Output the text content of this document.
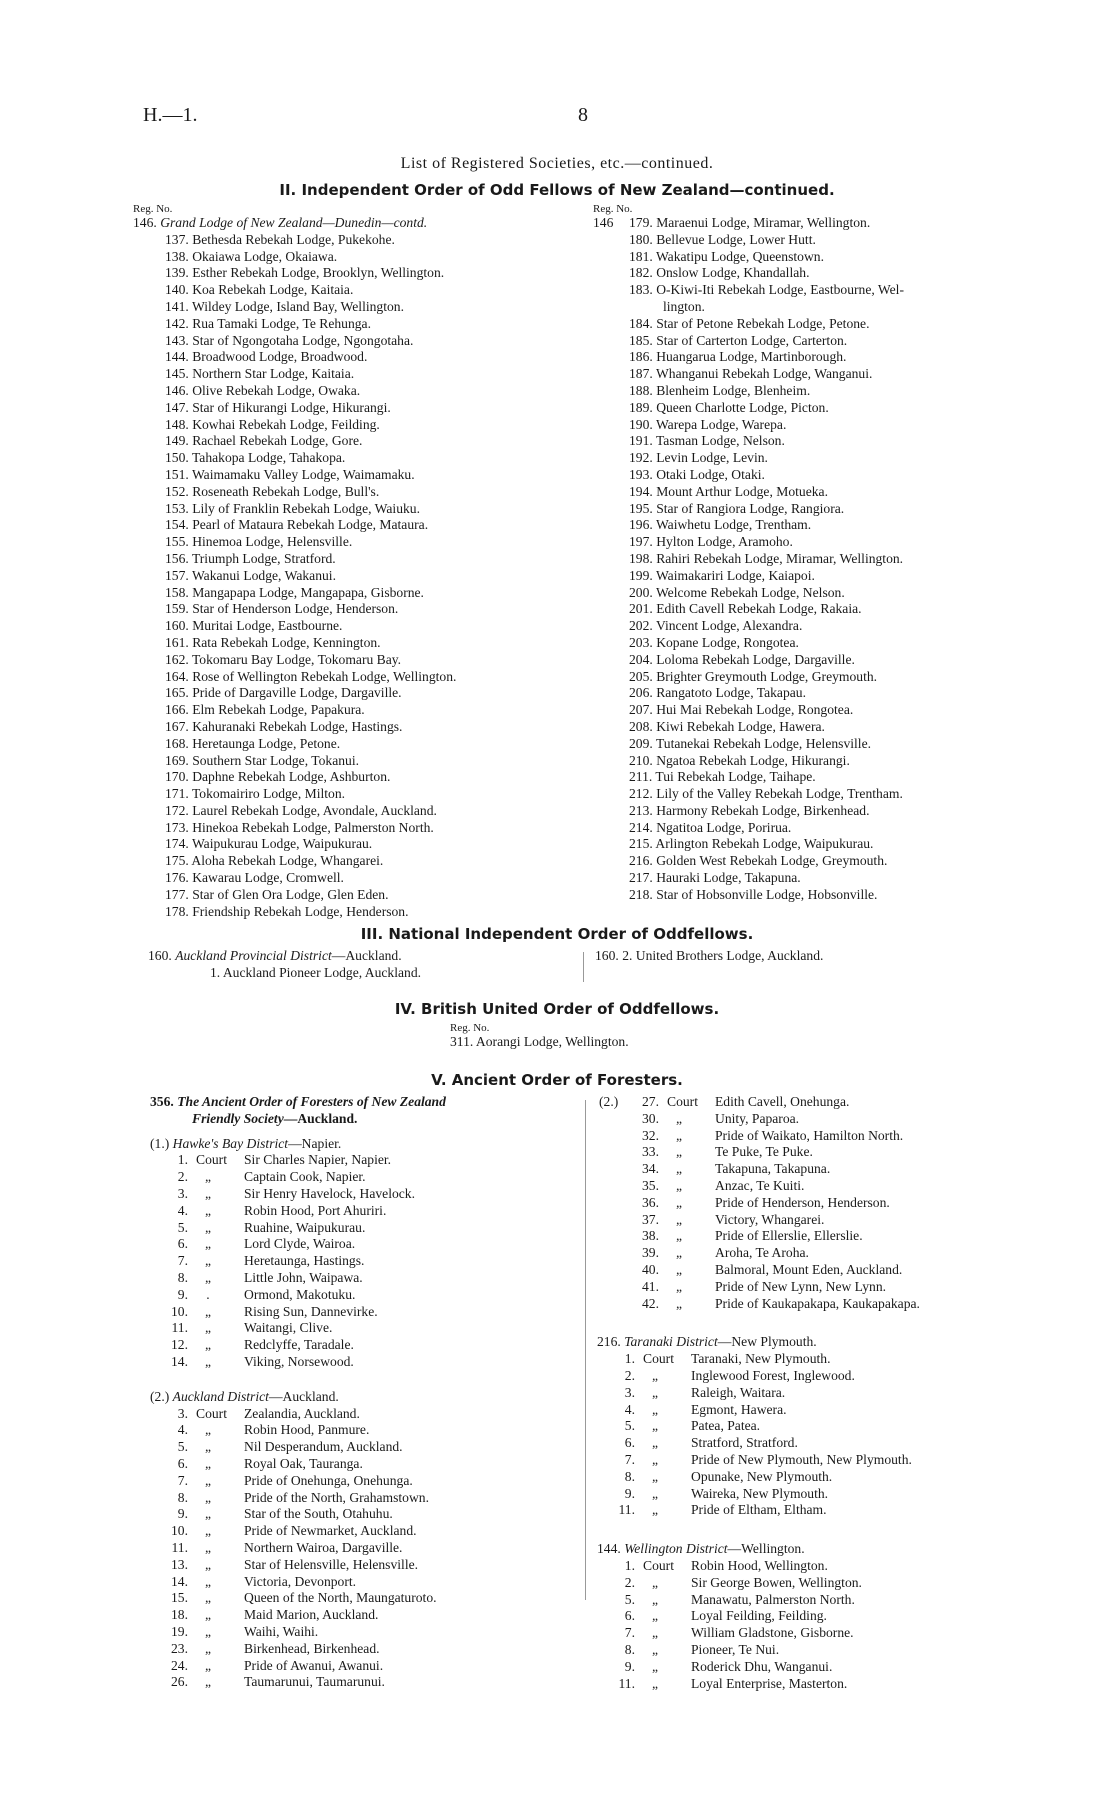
H.—1.	8
List of Registered Societies, etc.—continued.
II. Independent Order of Odd Fellows of New Zealand—continued.
Reg. No.
146. Grand Lodge of New Zealand—Dunedin—contd.
137. Bethesda Rebekah Lodge, Pukekohe.
138. Okaiawa Lodge, Okaiawa.
139. Esther Rebekah Lodge, Brooklyn, Wellington.
140. Koa Rebekah Lodge, Kaitaia.
141. Wildey Lodge, Island Bay, Wellington.
142. Rua Tamaki Lodge, Te Rehunga.
143. Star of Ngongotaha Lodge, Ngongotaha.
144. Broadwood Lodge, Broadwood.
145. Northern Star Lodge, Kaitaia.
146. Olive Rebekah Lodge, Owaka.
147. Star of Hikurangi Lodge, Hikurangi.
148. Kowhai Rebekah Lodge, Feilding.
149. Rachael Rebekah Lodge, Gore.
150. Tahakopa Lodge, Tahakopa.
151. Waimamaku Valley Lodge, Waimamaku.
152. Roseneath Rebekah Lodge, Bull's.
153. Lily of Franklin Rebekah Lodge, Waiuku.
154. Pearl of Mataura Rebekah Lodge, Mataura.
155. Hinemoa Lodge, Helensville.
156. Triumph Lodge, Stratford.
157. Wakanui Lodge, Wakanui.
158. Mangapapa Lodge, Mangapapa, Gisborne.
159. Star of Henderson Lodge, Henderson.
160. Muritai Lodge, Eastbourne.
161. Rata Rebekah Lodge, Kennington.
162. Tokomaru Bay Lodge, Tokomaru Bay.
164. Rose of Wellington Rebekah Lodge, Wellington.
165. Pride of Dargaville Lodge, Dargaville.
166. Elm Rebekah Lodge, Papakura.
167. Kahuranaki Rebekah Lodge, Hastings.
168. Heretaunga Lodge, Petone.
169. Southern Star Lodge, Tokanui.
170. Daphne Rebekah Lodge, Ashburton.
171. Tokomairiro Lodge, Milton.
172. Laurel Rebekah Lodge, Avondale, Auckland.
173. Hinekoa Rebekah Lodge, Palmerston North.
174. Waipukurau Lodge, Waipukurau.
175. Aloha Rebekah Lodge, Whangarei.
176. Kawarau Lodge, Cromwell.
177. Star of Glen Ora Lodge, Glen Eden.
178. Friendship Rebekah Lodge, Henderson.
Reg. No.
146	179. Maraenui Lodge, Miramar, Wellington.
180. Bellevue Lodge, Lower Hutt.
181. Wakatipu Lodge, Queenstown.
182. Onslow Lodge, Khandallah.
183. O-Kiwi-Iti Rebekah Lodge, Eastbourne, Wel-
lington.
184. Star of Petone Rebekah Lodge, Petone.
185. Star of Carterton Lodge, Carterton.
186. Huangarua Lodge, Martinborough.
187. Whanganui Rebekah Lodge, Wanganui.
188. Blenheim Lodge, Blenheim.
189. Queen Charlotte Lodge, Picton.
190. Warepa Lodge, Warepa.
191. Tasman Lodge, Nelson.
192. Levin Lodge, Levin.
193. Otaki Lodge, Otaki.
194. Mount Arthur Lodge, Motueka.
195. Star of Rangiora Lodge, Rangiora.
196. Waiwhetu Lodge, Trentham.
197. Hylton Lodge, Aramoho.
198. Rahiri Rebekah Lodge, Miramar, Wellington.
199. Waimakariri Lodge, Kaiapoi.
200. Welcome Rebekah Lodge, Nelson.
201. Edith Cavell Rebekah Lodge, Rakaia.
202. Vincent Lodge, Alexandra.
203. Kopane Lodge, Rongotea.
204. Loloma Rebekah Lodge, Dargaville.
205. Brighter Greymouth Lodge, Greymouth.
206. Rangatoto Lodge, Takapau.
207. Hui Mai Rebekah Lodge, Rongotea.
208. Kiwi Rebekah Lodge, Hawera.
209. Tutanekai Rebekah Lodge, Helensville.
210. Ngatoa Rebekah Lodge, Hikurangi.
211. Tui Rebekah Lodge, Taihape.
212. Lily of the Valley Rebekah Lodge, Trentham.
213. Harmony Rebekah Lodge, Birkenhead.
214. Ngatitoa Lodge, Porirua.
215. Arlington Rebekah Lodge, Waipukurau.
216. Golden West Rebekah Lodge, Greymouth.
217. Hauraki Lodge, Takapuna.
218. Star of Hobsonville Lodge, Hobsonville.
III. National Independent Order of Oddfellows.
160. Auckland Provincial District—Auckland.
1. Auckland Pioneer Lodge, Auckland.
160. 2. United Brothers Lodge, Auckland.
IV. British United Order of Oddfellows.
Reg. No.
311. Aorangi Lodge, Wellington.
V. Ancient Order of Foresters.
356. The Ancient Order of Foresters of New Zealand
Friendly Society—Auckland.
(1.) Hawke's Bay District—Napier.
1. Court	Sir Charles Napier, Napier.
2.	„	Captain Cook, Napier.
3.	„	Sir Henry Havelock, Havelock.
4.	„	Robin Hood, Port Ahuriri.
5.	„	Ruahine, Waipukurau.
6.	„	Lord Clyde, Wairoa.
7.	„	Heretaunga, Hastings.
8.	„	Little John, Waipawa.
9.	.	Ormond, Makotuku.
10.	„	Rising Sun, Dannevirke.
11.	„	Waitangi, Clive.
12.	„	Redclyffe, Taradale.
14.	„	Viking, Norsewood.
(2.) Auckland District—Auckland.
3. Court	Zealandia, Auckland.
4.	„	Robin Hood, Panmure.
5.	„	Nil Desperandum, Auckland.
6.	„	Royal Oak, Tauranga.
7.	„	Pride of Onehunga, Onehunga.
8.	„	Pride of the North, Grahamstown.
9.	„	Star of the South, Otahuhu.
10.	„	Pride of Newmarket, Auckland.
11.	„	Northern Wairoa, Dargaville.
13.	„	Star of Helensville, Helensville.
14.	„	Victoria, Devonport.
15.	„	Queen of the North, Maungaturoto.
18.	„	Maid Marion, Auckland.
19.	„	Waihi, Waihi.
23.	„	Birkenhead, Birkenhead.
24.	„	Pride of Awanui, Awanui.
26.	„	Taumarunui, Taumarunui.
(2.)	27. Court	Edith Cavell, Onehunga.
30.	„	Unity, Paparoa.
32.	„	Pride of Waikato, Hamilton North.
33.	„	Te Puke, Te Puke.
34.	„	Takapuna, Takapuna.
35.	„	Anzac, Te Kuiti.
36.	„	Pride of Henderson, Henderson.
37.	„	Victory, Whangarei.
38.	„	Pride of Ellerslie, Ellerslie.
39.	„	Aroha, Te Aroha.
40.	„	Balmoral, Mount Eden, Auckland.
41.	„	Pride of New Lynn, New Lynn.
42.	„	Pride of Kaukapakapa, Kaukapakapa.
216. Taranaki District—New Plymouth.
1. Court	Taranaki, New Plymouth.
2.	„	Inglewood Forest, Inglewood.
3.	„	Raleigh, Waitara.
4.	„	Egmont, Hawera.
5.	„	Patea, Patea.
6.	„	Stratford, Stratford.
7.	„	Pride of New Plymouth, New Plymouth.
8.	„	Opunake, New Plymouth.
9.	„	Waireka, New Plymouth.
11.	„	Pride of Eltham, Eltham.
144. Wellington District—Wellington.
1. Court	Robin Hood, Wellington.
2.	„	Sir George Bowen, Wellington.
5.	„	Manawatu, Palmerston North.
6.	„	Loyal Feilding, Feilding.
7.	„	William Gladstone, Gisborne.
8.	„	Pioneer, Te Nui.
9.	„	Roderick Dhu, Wanganui.
11.	„	Loyal Enterprise, Masterton.
